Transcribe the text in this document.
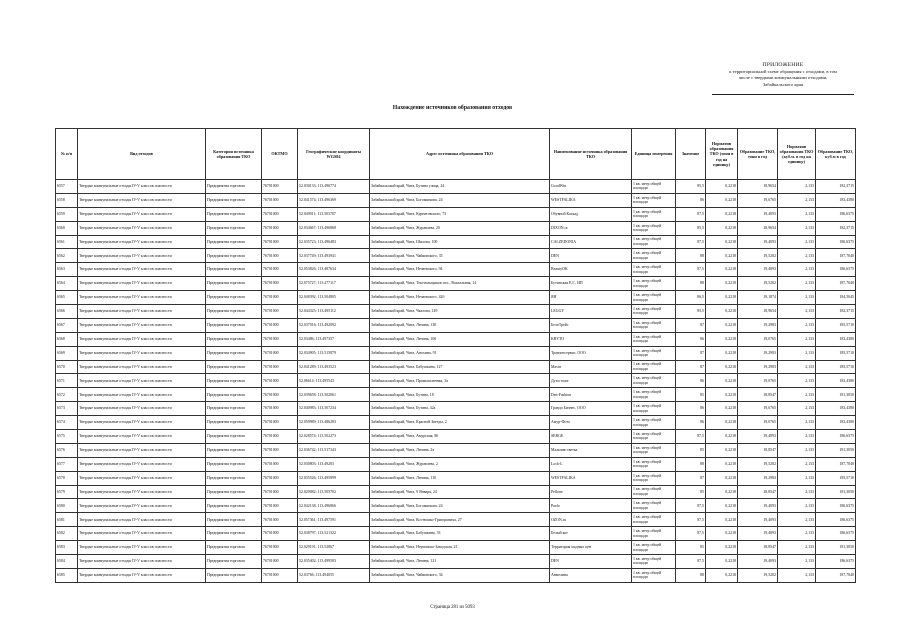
ПРИЛОЖЕНИЕ
к территориальной схеме обращения с отходами, в том
числе с твердыми коммунальными отходами,
Забайкальского края
Нахождение источников образования отходов
№ п/п	Вид отходов	Категория источника образования ТКО	ОКТМО	Географические координаты WGS84	Адрес источника образования ТКО	Наименование источника образования ТКО	Единица измерения	Значение	Норматив образования ТКО (тонн в год на единицу)	Образование ТКО, тонн в год	Норматив образования ТКО (куб.м. в год на единицу)	Образование ТКО, куб.м в год
6557	Твердые коммунальные отходы IV-V классов опасности	Предприятия торговли	76701000	52.030133; 113.496774	Забайкальский край, Чита, Бутина улица, 24	GoodWin	1 кв. метр общей площади	85,5	0,2218	18,9654	2,133	182,3715
6558	Твердые коммунальные отходы IV-V классов опасности	Предприятия торговли	76701000	52.041574; 113.496369	Забайкальский край, Чита, Богомягкова, 24	WESTFALIKA	1 кв. метр общей площади	86	0,2218	19,0765	2,133	183,4380
6559	Твердые коммунальные отходы IV-V классов опасности	Предприятия торговли	76701000	52.049011; 113.503787	Забайкальский край, Чита, Курнатовского, 73	Обувной Каскад	1 кв. метр общей площади	87,5	0,2218	19,4093	2,133	186,6375
6560	Твердые коммунальные отходы IV-V классов опасности	Предприятия торговли	76701000	52.034667; 113.496868	Забайкальский край, Чита, Журавлева, 20	DIXON ra	1 кв. метр общей площади	85,5	0,2218	18,9654	2,133	182,3715
6561	Твердые коммунальные отходы IV-V классов опасности	Предприятия торговли	76701000	52.035723; 113.496483	Забайкальский край, Чита, Шилова, 100	CALZEDONIA	1 кв. метр общей площади	87,5	0,2218	19,4093	2,133	186,6375
6562	Твердые коммунальные отходы IV-V классов опасности	Предприятия торговли	76701000	52.037749; 113.493941	Забайкальский край, Чита, Чайковского, 35	DEN	1 кв. метр общей площади	88	0,2218	19,5202	2,133	187,7040
6563	Твердые коммунальные отходы IV-V классов опасности	Предприятия торговли	76701000	52.053826; 113.487634	Забайкальский край, Чита, Нечаевского, 94	BeautyOK	1 кв. метр общей площади	87,5	0,2218	19,4093	2,133	186,6375
6564	Твердые коммунальные отходы IV-V классов опасности	Предприятия торговли	76701000	52.075727; 113.277117	Забайкальский край, Чита, Текстильщиков пос., Вокзальная, 14	Бутинская Е.Г., ИП	1 кв. метр общей площади	88	0,2218	19,5202	2,133	187,7040
6565	Твердые коммунальные отходы IV-V классов опасности	Предприятия торговли	76701000	52.048392; 113.504805	Забайкальский край, Чита, Нечаевского, 42б	ЯЯ	1 кв. метр общей площади	86,5	0,2218	19,1874	2,133	184,5045
6566	Твердые коммунальные отходы IV-V классов опасности	Предприятия торговли	76701000	52.044325; 113.495112	Забайкальский край, Чита, Чкалова, 149	LEGGY	1 кв. метр общей площади	85,5	0,2218	18,9654	2,133	182,3715
6567	Твердые коммунальные отходы IV-V классов опасности	Предприятия торговли	76701000	52.037016; 113.492092	Забайкальский край, Чита, Ленина, 130	БелоТрейс	1 кв. метр общей площади	87	0,2218	19,2983	2,133	185,5710
6568	Твердые коммунальные отходы IV-V классов опасности	Предприятия торговли	76701000	52.03486; 113.497357	Забайкальский край, Чита, Ленина, 106	KRYTO	1 кв. метр общей площади	86	0,2218	19,0765	2,133	183,4380
6569	Твердые коммунальные отходы IV-V классов опасности	Предприятия торговли	76701000	52.034905; 113.515879	Забайкальский край, Чита, Анохина, 91	Транзитсервис, ООО	1 кв. метр общей площади	87	0,2218	19,2983	2,133	185,5710
6570	Твердые коммунальные отходы IV-V классов опасности	Предприятия торговли	76701000	52.041289; 113.493523	Забайкальский край, Чита, Бабушкина, 127	Mavin	1 кв. метр общей площади	87	0,2218	19,2983	2,133	185,5710
6571	Твердые коммунальные отходы IV-V классов опасности	Предприятия торговли	76701000	52.06614; 113.495543	Забайкальский край, Чита, Промышленная, 3а	Духи тоже	1 кв. метр общей площади	86	0,2218	19,0765	2,133	183,4380
6572	Твердые коммунальные отходы IV-V классов опасности	Предприятия торговли	76701000	52.039658; 113.502061	Забайкальский край, Чита, Бутина, 18	Den-Fashion	1 кв. метр общей площади	85	0,2218	18,8547	2,133	181,3050
6573	Твердые коммунальные отходы IV-V классов опасности	Предприятия торговли	76701000	52.040983; 113.507234	Забайкальский край, Чита, Бутина, 42а	Грандо Бизнес, ООО	1 кв. метр общей площади	86	0,2218	19,0765	2,133	183,4380
6574	Твердые коммунальные отходы IV-V классов опасности	Предприятия торговли	76701000	52.059989; 113.486283	Забайкальский край, Чита, Красной Звезды, 2	Амур-Фото	1 кв. метр общей площади	86	0,2218	19,0765	2,133	183,4380
6575	Твердые коммунальные отходы IV-V классов опасности	Предприятия торговли	76701000	52.028574; 113.502273	Забайкальский край, Чита, Амурская, 86	SERGE	1 кв. метр общей площади	87,5	0,2218	19,4093	2,133	186,6375
6576	Твердые коммунальные отходы IV-V классов опасности	Предприятия торговли	76701000	52.036742; 113.517343	Забайкальский край, Чита, Ленина, 2а	Мальчик-светка	1 кв. метр общей площади	85	0,2218	18,8547	2,133	181,3050
6577	Твердые коммунальные отходы IV-V классов опасности	Предприятия торговли	76701000	52.030803; 113.49283	Забайкальский край, Чита, Журавлева, 2	Lock-L	1 кв. метр общей площади	88	0,2218	19,5202	2,133	187,7040
6578	Твердые коммунальные отходы IV-V классов опасности	Предприятия торговли	76701000	52.035526; 113.495899	Забайкальский край, Чита, Ленина, 110	WESTFALIKA	1 кв. метр общей площади	87	0,2218	19,2983	2,133	185,5710
6579	Твердые коммунальные отходы IV-V классов опасности	Предприятия торговли	76701000	52.020082; 113.505702	Забайкальский край, Чита, 9 Января, 24	Pellone	1 кв. метр общей площади	85	0,2218	18,8547	2,133	181,3050
6580	Твердые коммунальные отходы IV-V классов опасности	Предприятия торговли	76701000	52.042138; 113.496866	Забайкальский край, Чита, Богомягкова, 24	Paolo	1 кв. метр общей площади	87,5	0,2218	19,4093	2,133	186,6375
6581	Твердые коммунальные отходы IV-V классов опасности	Предприятия торговли	76701000	52.057361; 113.497591	Забайкальский край, Чита, Костюшко-Григоровича, 27	OZON.ru	1 кв. метр общей площади	87,5	0,2218	19,4093	2,133	186,6375
6582	Твердые коммунальные отходы IV-V классов опасности	Предприятия торговли	76701000	52.038797; 113.521322	Забайкальский край, Чита, Бабушкина, 33	Белый кот	1 кв. метр общей площади	87,5	0,2218	19,4093	2,133	186,6375
6583	Твердые коммунальные отходы IV-V классов опасности	Предприятия торговли	76701000	52.029191; 113.52867	Забайкальский край, Чита, Нерчинско-Заводская, 21	Территория модных цен	1 кв. метр общей площади	85	0,2218	18,8547	2,133	181,3050
6584	Твердые коммунальные отходы IV-V классов опасности	Предприятия торговли	76701000	52.035402; 113.499583	Забайкальский край, Чита, Ленина, 121	DEN	1 кв. метр общей площади	87,5	0,2218	19,4093	2,133	186,6375
6585	Твердые коммунальные отходы IV-V классов опасности	Предприятия торговли	76701000	52.03766; 113.494055	Забайкальский край, Чита, Чайковского, 34	Анмелина	1 кв. метр общей площади	88	0,2218	19,5202	2,133	187,7040
Страница 281 из 5093
